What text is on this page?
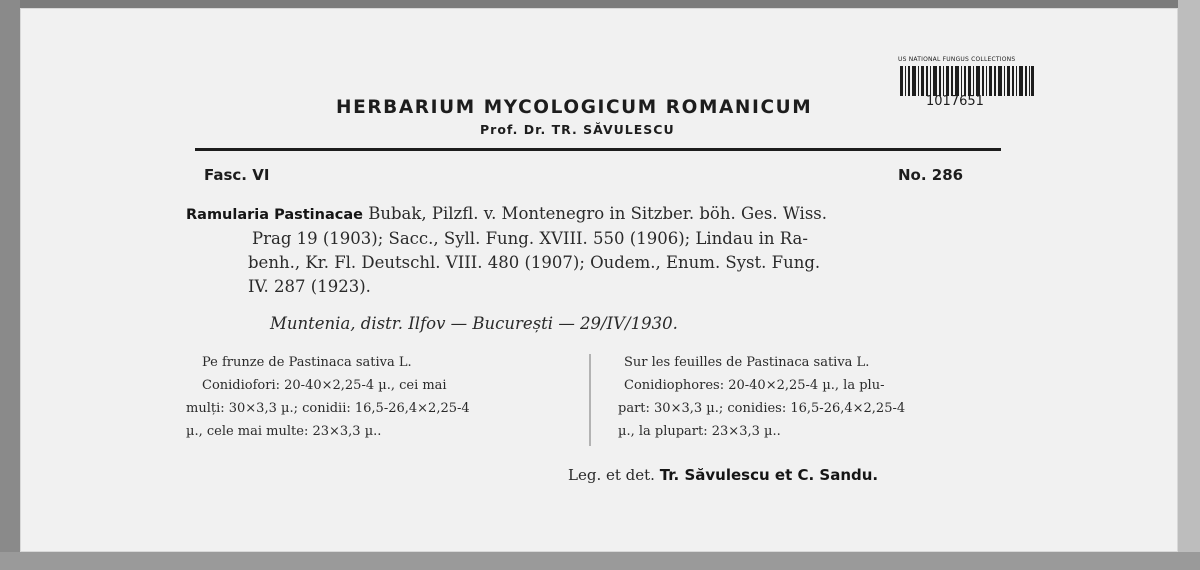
HERBARIUM MYCOLOGICUM ROMANICUM
Prof. Dr. TR. SĂVULESCU
US NATIONAL FUNGUS COLLECTIONS
1017651
Fasc. VI	No. 286
Ramularia Pastinacae Bubak, Pilzfl. v. Montenegro in Sitzber. böh. Ges. Wiss.
Prag 19 (1903); Sacc., Syll. Fung. XVIII. 550 (1906); Lindau in Ra-
benh., Kr. Fl. Deutschl. VIII. 480 (1907); Oudem., Enum. Syst. Fung.
IV. 287 (1923).
Muntenia, distr. Ilfov — București — 29/IV/1930.
Pe frunze de Pastinaca sativa L.
Conidiofori: 20-40×2,25-4 µ., cei mai
mulți: 30×3,3 µ.; conidii: 16,5-26,4×2,25-4
µ., cele mai multe: 23×3,3 µ..
Sur les feuilles de Pastinaca sativa L.
Conidiophores: 20-40×2,25-4 µ., la plu-
part: 30×3,3 µ.; conidies: 16,5-26,4×2,25-4
µ., la plupart: 23×3,3 µ..
Leg. et det. Tr. Săvulescu et C. Sandu.
